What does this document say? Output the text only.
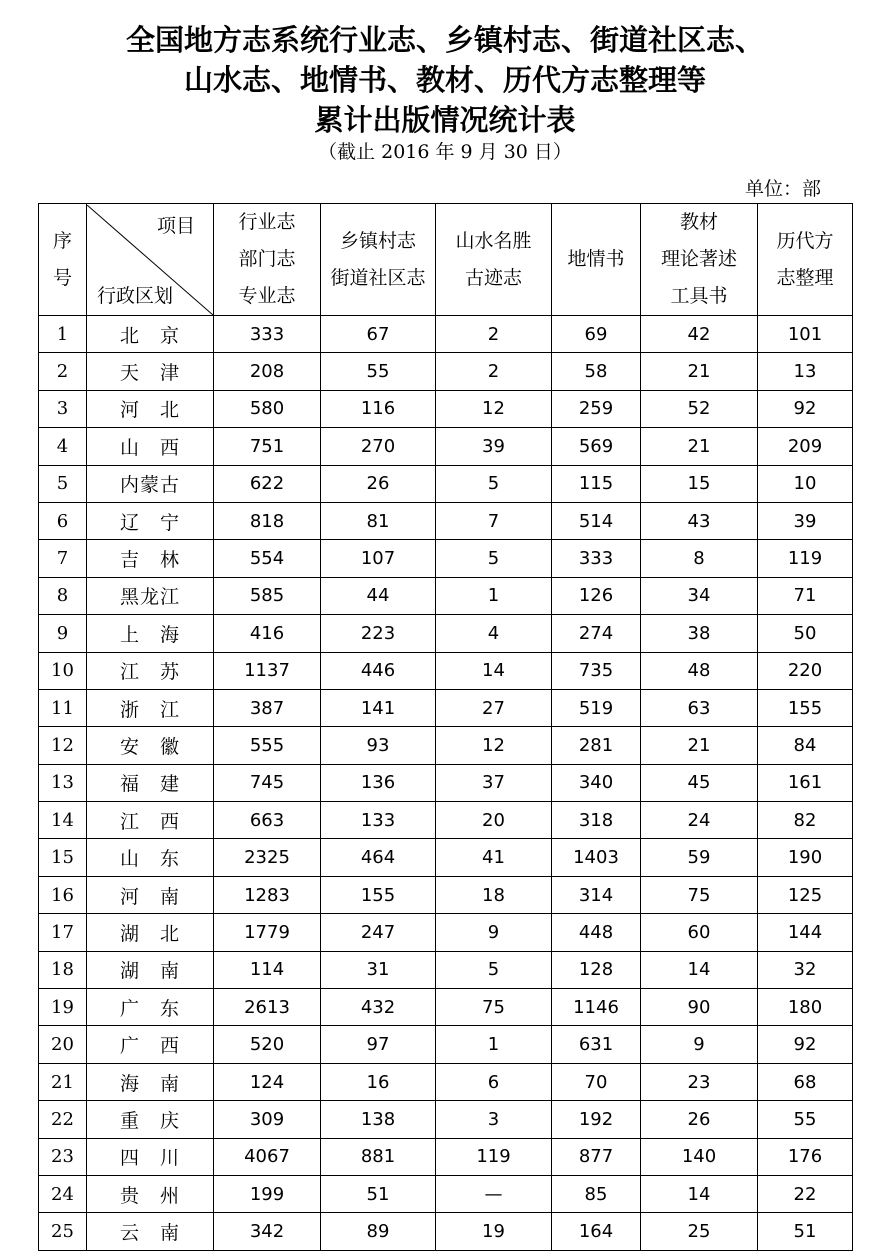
全国地方志系统行业志、乡镇村志、街道社区志、
山水志、地情书、教材、历代方志整理等
累计出版情况统计表
（截止 2016 年 9 月 30 日）
单位：部
序
号	项目
行政区划	行业志
部门志
专业志	乡镇村志
街道社区志	山水名胜
古迹志	地情书	教材
理论著述
工具书	历代方
志整理

1	北　京	333	67	2	69	42	101
2	天　津	208	55	2	58	21	13
3	河　北	580	116	12	259	52	92
4	山　西	751	270	39	569	21	209
5	内蒙古	622	26	5	115	15	10
6	辽　宁	818	81	7	514	43	39
7	吉　林	554	107	5	333	8	119
8	黑龙江	585	44	1	126	34	71
9	上　海	416	223	4	274	38	50
10	江　苏	1137	446	14	735	48	220
11	浙　江	387	141	27	519	63	155
12	安　徽	555	93	12	281	21	84
13	福　建	745	136	37	340	45	161
14	江　西	663	133	20	318	24	82
15	山　东	2325	464	41	1403	59	190
16	河　南	1283	155	18	314	75	125
17	湖　北	1779	247	9	448	60	144
18	湖　南	114	31	5	128	14	32
19	广　东	2613	432	75	1146	90	180
20	广　西	520	97	1	631	9	92
21	海　南	124	16	6	70	23	68
22	重　庆	309	138	3	192	26	55
23	四　川	4067	881	119	877	140	176
24	贵　州	199	51	—	85	14	22
25	云　南	342	89	19	164	25	51
